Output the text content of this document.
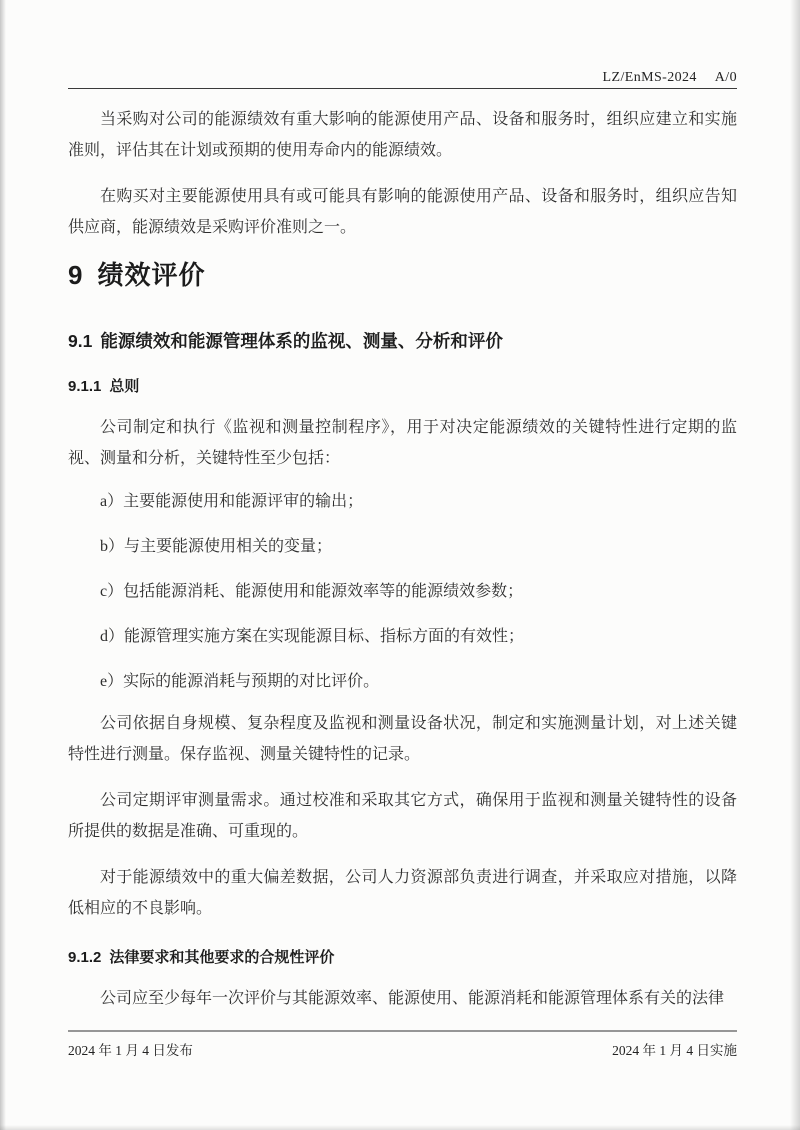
LZ/EnMS-2024 A/0

当采购对公司的能源绩效有重大影响的能源使用产品、设备和服务时，组织应建立和实施准则，评估其在计划或预期的使用寿命内的能源绩效。

在购买对主要能源使用具有或可能具有影响的能源使用产品、设备和服务时，组织应告知供应商，能源绩效是采购评价准则之一。

9 绩效评价
9.1 能源绩效和能源管理体系的监视、测量、分析和评价
9.1.1 总则

公司制定和执行《监视和测量控制程序》，用于对决定能源绩效的关键特性进行定期的监视、测量和分析，关键特性至少包括：

a）主要能源使用和能源评审的输出；

b）与主要能源使用相关的变量；

c）包括能源消耗、能源使用和能源效率等的能源绩效参数；

d）能源管理实施方案在实现能源目标、指标方面的有效性；

e）实际的能源消耗与预期的对比评价。

公司依据自身规模、复杂程度及监视和测量设备状况，制定和实施测量计划，对上述关键特性进行测量。保存监视、测量关键特性的记录。

公司定期评审测量需求。通过校准和采取其它方式，确保用于监视和测量关键特性的设备所提供的数据是准确、可重现的。

对于能源绩效中的重大偏差数据，公司人力资源部负责进行调查，并采取应对措施，以降低相应的不良影响。

9.1.2 法律要求和其他要求的合规性评价

公司应至少每年一次评价与其能源效率、能源使用、能源消耗和能源管理体系有关的法律

2024 年 1 月 4 日发布	2024 年 1 月 4 日实施
